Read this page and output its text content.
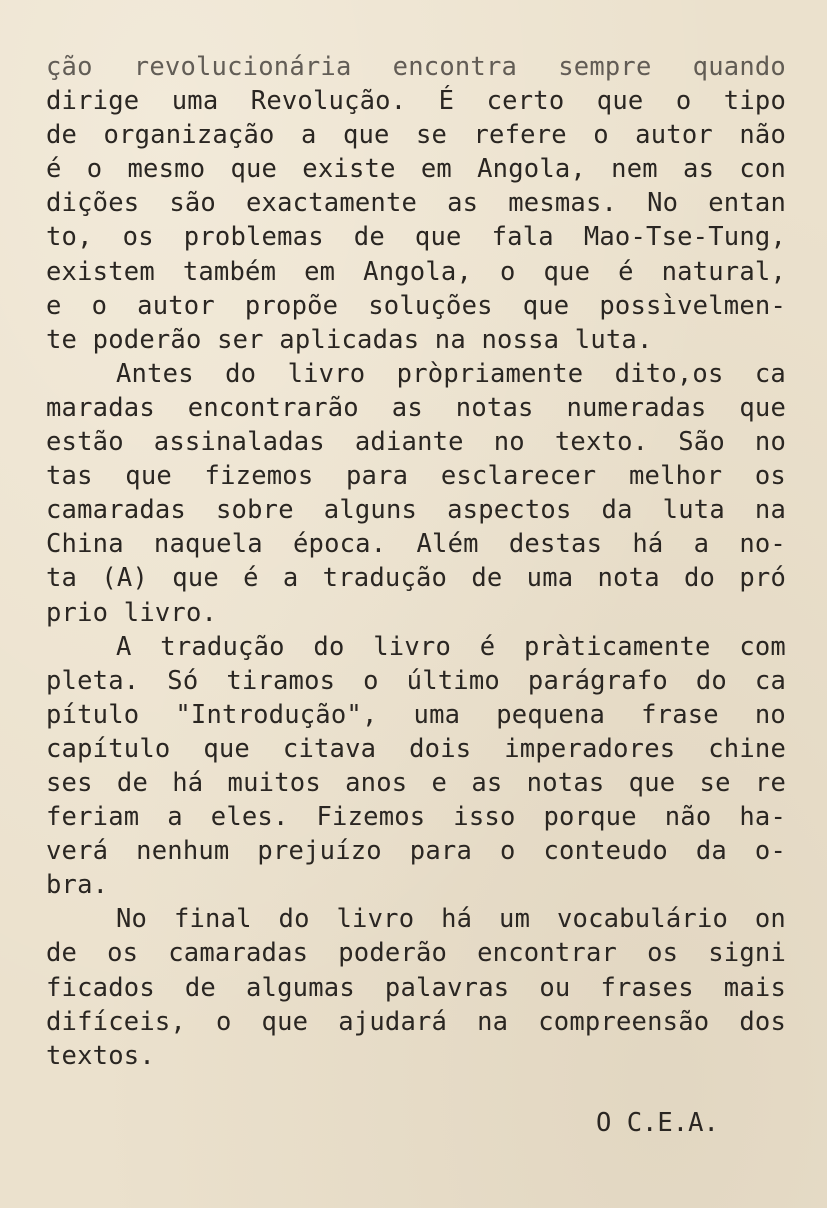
ção revolucionária encontra sempre quando
dirige uma Revolução. É certo que o tipo
de organização a que se refere o autor não
é o mesmo que existe em Angola, nem as con
dições são exactamente as mesmas. No entan
to, os problemas de que fala Mao-Tse-Tung,
existem também em Angola, o que é natural,
e o autor propõe soluções que possìvelmen-
te poderão ser aplicadas na nossa luta.
Antes do livro pròpriamente dito,os ca
maradas encontrarão as notas numeradas que
estão assinaladas adiante no texto. São no
tas que fizemos para esclarecer melhor os
camaradas sobre alguns aspectos da luta na
China naquela época. Além destas há a no-
ta (A) que é a tradução de uma nota do pró
prio livro.
A tradução do livro é pràticamente com
pleta. Só tiramos o último parágrafo do ca
pítulo "Introdução", uma pequena frase no
capítulo que citava dois imperadores chine
ses de há muitos anos e as notas que se re
feriam a eles. Fizemos isso porque não ha-
verá nenhum prejuízo para o conteudo da o-
bra.
No final do livro há um vocabulário on
de os camaradas poderão encontrar os signi
ficados de algumas palavras ou frases mais
difíceis, o que ajudará na compreensão dos
textos.
O C.E.A.
